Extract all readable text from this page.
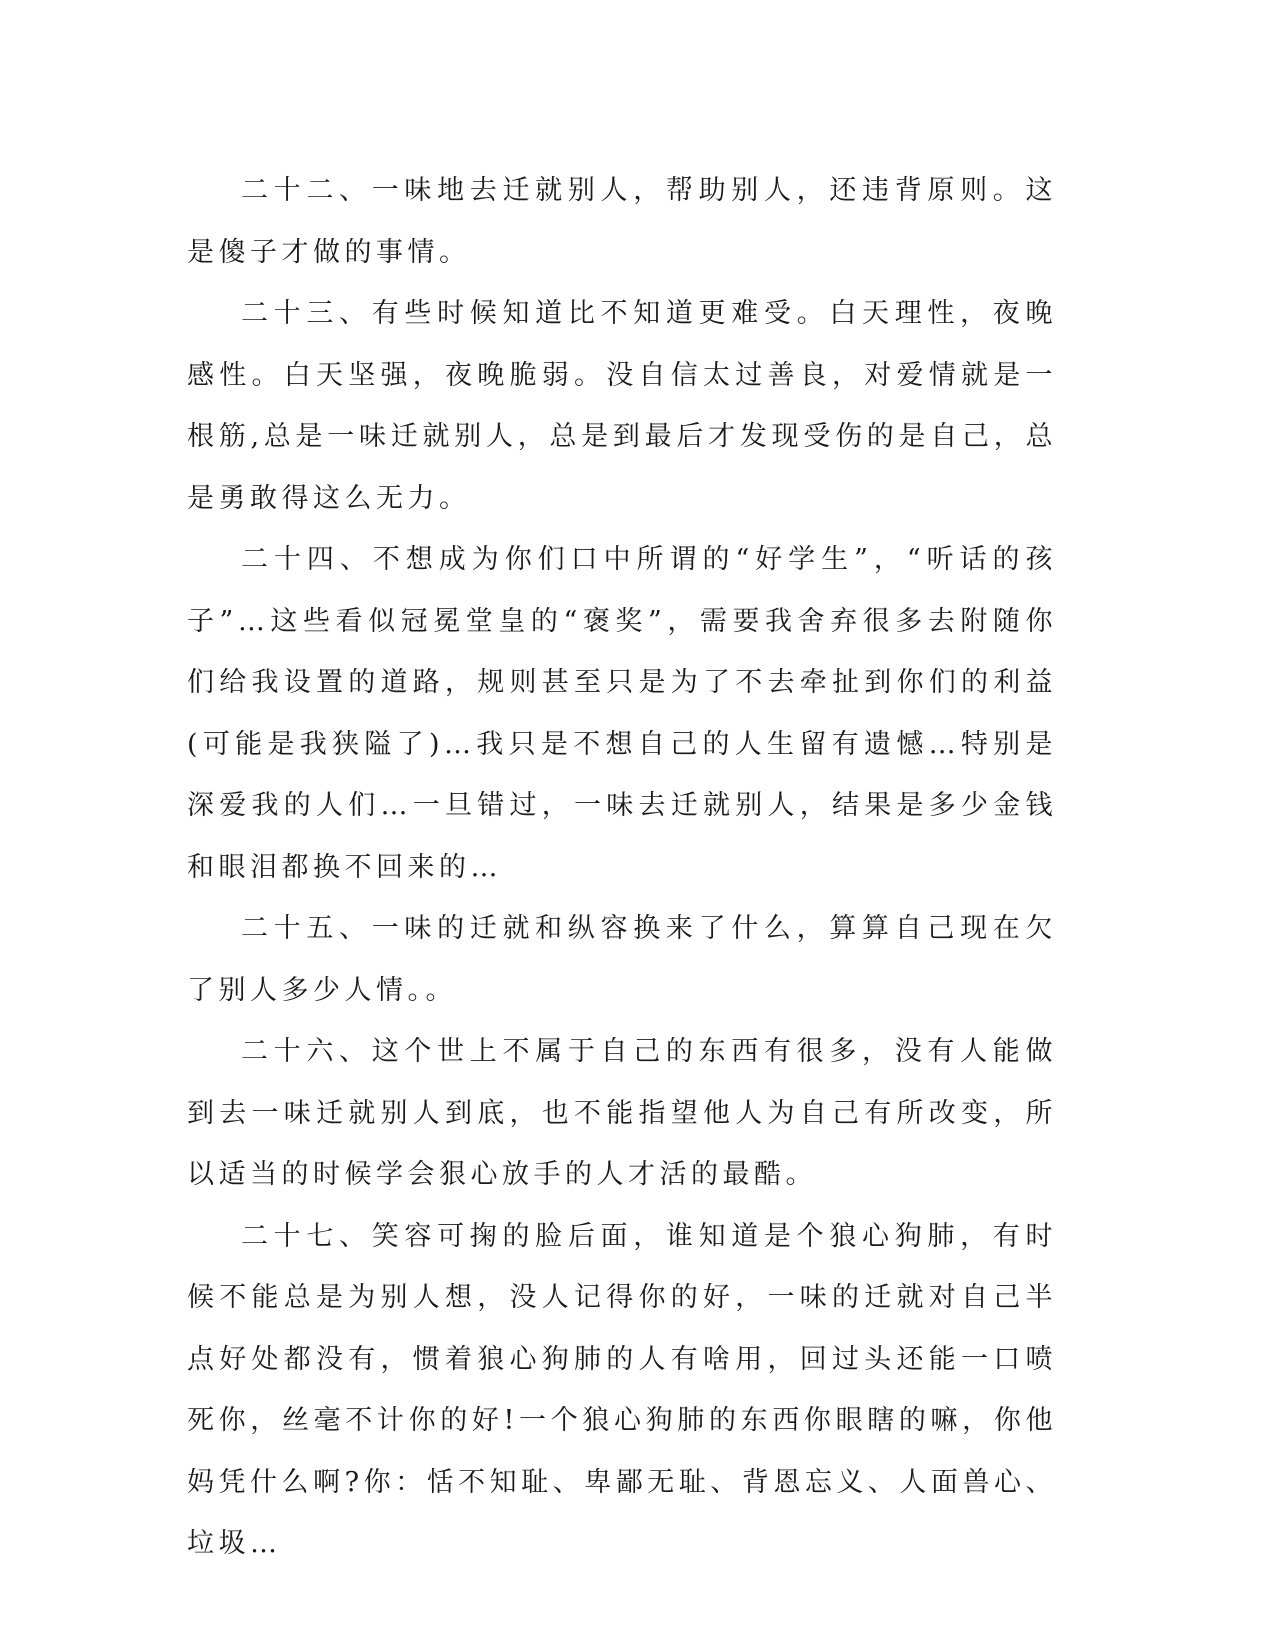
二十二、一味地去迁就别人，帮助别人，还违背原则。这是傻子才做的事情。

二十三、有些时候知道比不知道更难受。白天理性，夜晚感性。白天坚强，夜晚脆弱。没自信太过善良，对爱情就是一根筋,总是一味迁就别人，总是到最后才发现受伤的是自己，总是勇敢得这么无力。

二十四、不想成为你们口中所谓的“好学生”，“听话的孩子”…这些看似冠冕堂皇的“褒奖”，需要我舍弃很多去附随你们给我设置的道路，规则甚至只是为了不去牵扯到你们的利益(可能是我狭隘了)…我只是不想自己的人生留有遗憾…特别是深爱我的人们…一旦错过，一味去迁就别人，结果是多少金钱和眼泪都换不回来的…

二十五、一味的迁就和纵容换来了什么，算算自己现在欠了别人多少人情。。

二十六、这个世上不属于自己的东西有很多，没有人能做到去一味迁就别人到底，也不能指望他人为自己有所改变，所以适当的时候学会狠心放手的人才活的最酷。

二十七、笑容可掬的脸后面，谁知道是个狼心狗肺，有时候不能总是为别人想，没人记得你的好，一味的迁就对自己半点好处都没有，惯着狼心狗肺的人有啥用，回过头还能一口喷死你，丝毫不计你的好!一个狼心狗肺的东西你眼瞎的嘛，你他妈凭什么啊?你：恬不知耻、卑鄙无耻、背恩忘义、人面兽心、垃圾…
